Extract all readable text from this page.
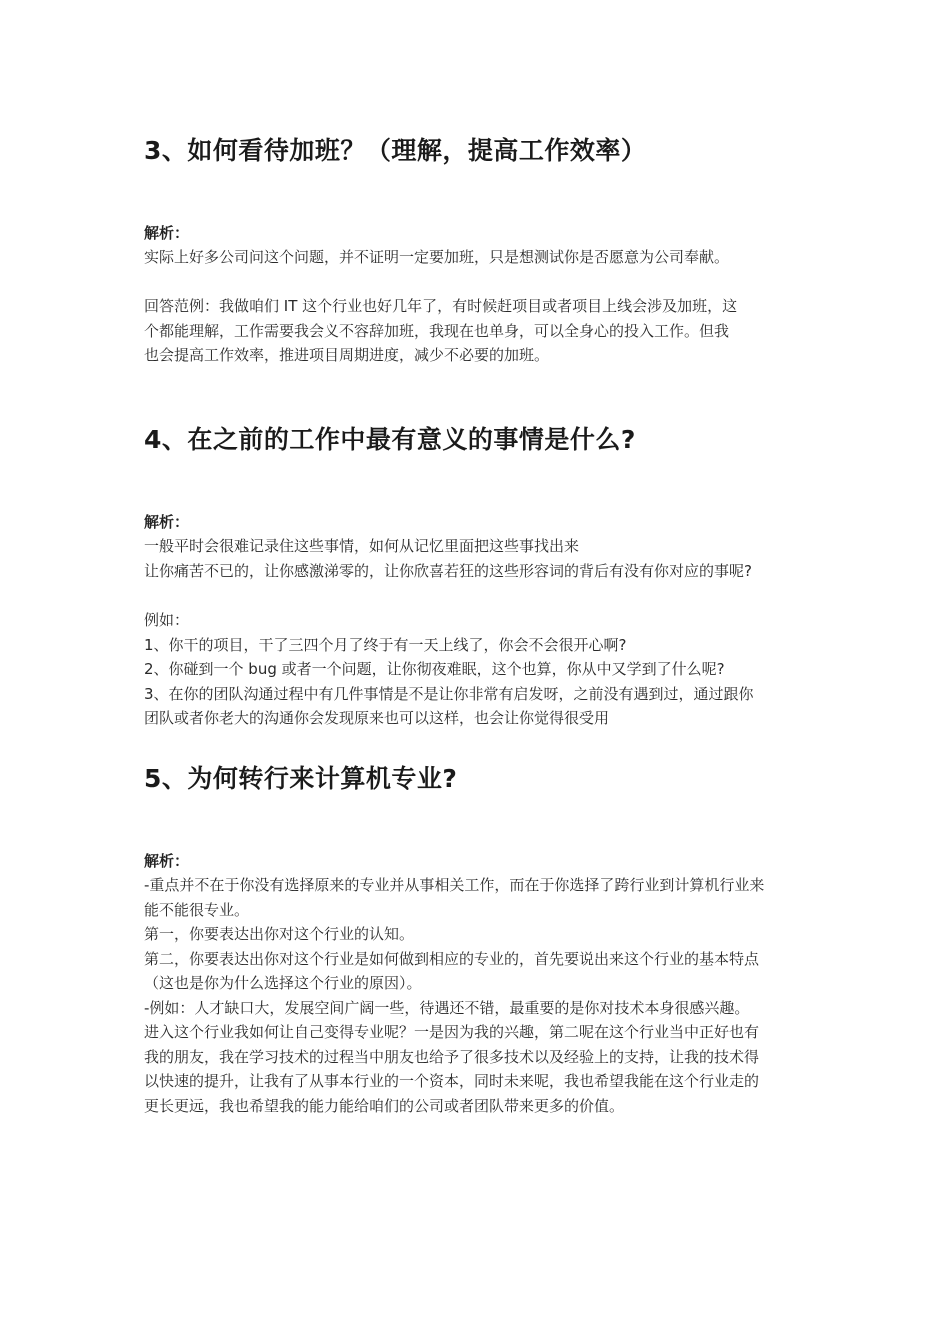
3、如何看待加班？（理解，提高工作效率）
解析：
实际上好多公司问这个问题，并不证明一定要加班，只是想测试你是否愿意为公司奉献。
回答范例：我做咱们 IT 这个行业也好几年了，有时候赶项目或者项目上线会涉及加班，这
个都能理解，工作需要我会义不容辞加班，我现在也单身，可以全身心的投入工作。但我
也会提高工作效率，推进项目周期进度，减少不必要的加班。
4、在之前的工作中最有意义的事情是什么?
解析：
一般平时会很难记录住这些事情，如何从记忆里面把这些事找出来
让你痛苦不已的，让你感激涕零的，让你欣喜若狂的这些形容词的背后有没有你对应的事呢?
例如：
1、你干的项目，干了三四个月了终于有一天上线了，你会不会很开心啊?
2、你碰到一个 bug 或者一个问题，让你彻夜难眠，这个也算，你从中又学到了什么呢?
3、在你的团队沟通过程中有几件事情是不是让你非常有启发呀，之前没有遇到过，通过跟你
团队或者你老大的沟通你会发现原来也可以这样，也会让你觉得很受用
5、为何转行来计算机专业?
解析：
-重点并不在于你没有选择原来的专业并从事相关工作，而在于你选择了跨行业到计算机行业来
能不能很专业。
第一，你要表达出你对这个行业的认知。
第二，你要表达出你对这个行业是如何做到相应的专业的，首先要说出来这个行业的基本特点
（这也是你为什么选择这个行业的原因）。
-例如：人才缺口大，发展空间广阔一些，待遇还不错，最重要的是你对技术本身很感兴趣。
进入这个行业我如何让自己变得专业呢？一是因为我的兴趣，第二呢在这个行业当中正好也有
我的朋友，我在学习技术的过程当中朋友也给予了很多技术以及经验上的支持，让我的技术得
以快速的提升，让我有了从事本行业的一个资本，同时未来呢，我也希望我能在这个行业走的
更长更远，我也希望我的能力能给咱们的公司或者团队带来更多的价值。
